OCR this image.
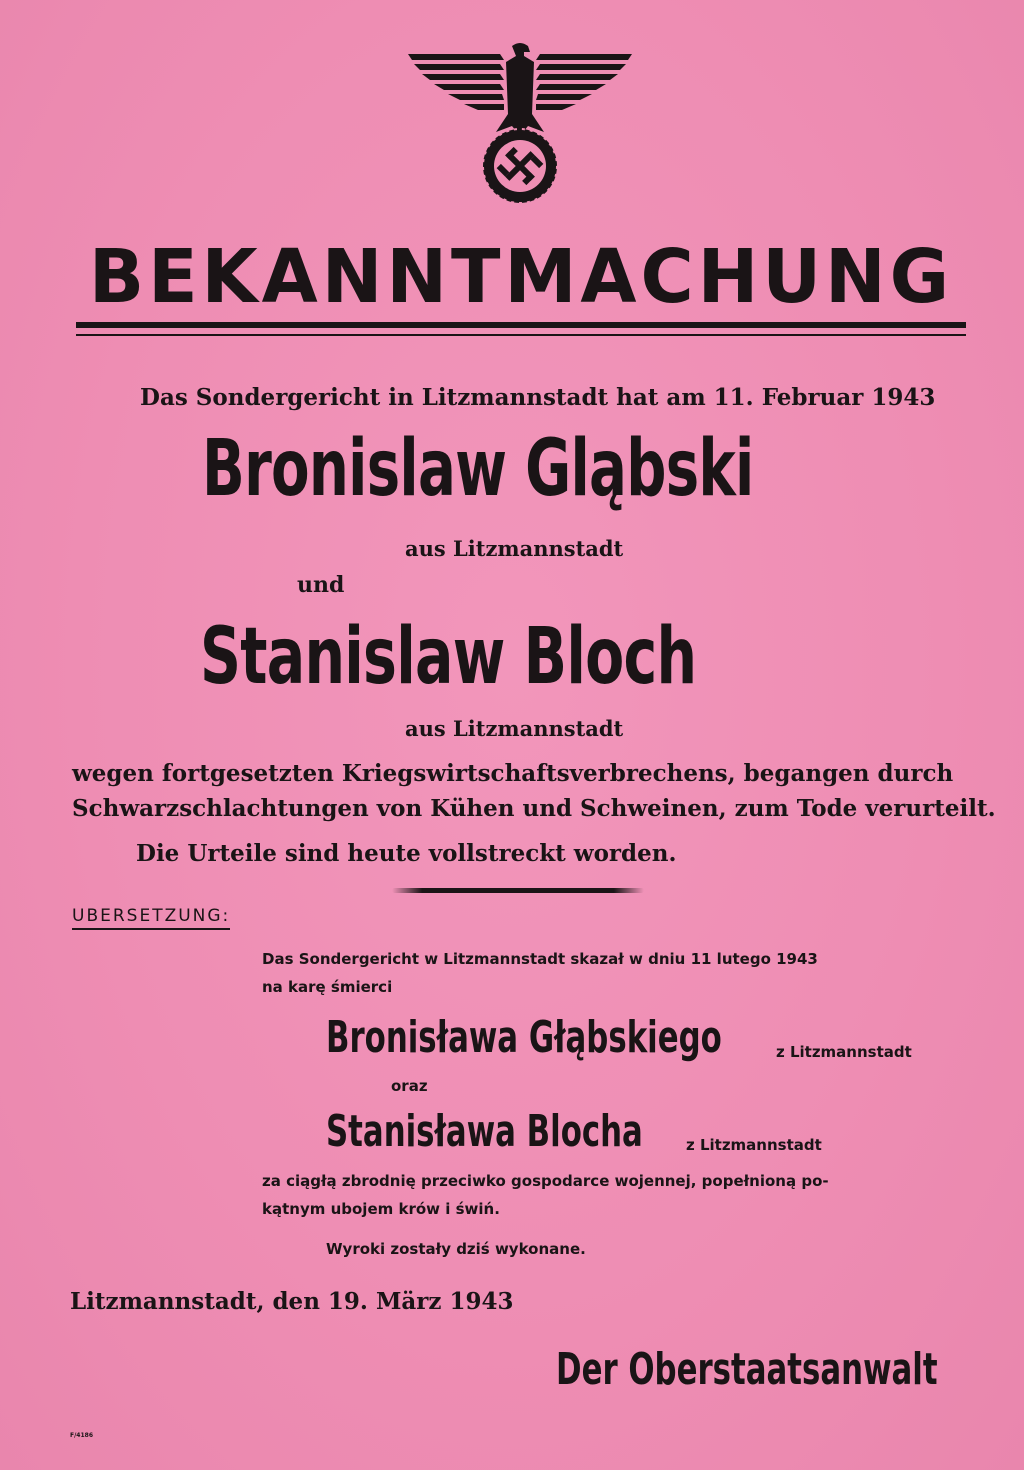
BEKANNTMACHUNG
Das Sondergericht in Litzmannstadt hat am 11. Februar 1943
Bronislaw Gląbski
aus Litzmannstadt
und
Stanislaw Bloch
aus Litzmannstadt
wegen fortgesetzten Kriegswirtschaftsverbrechens, begangen durch
Schwarzschlachtungen von Kühen und Schweinen, zum Tode verurteilt.
Die Urteile sind heute vollstreckt worden.
UBERSETZUNG:
Das Sondergericht w Litzmannstadt skazał w dniu 11 lutego 1943
na karę śmierci
Bronisława Głąbskiego	z Litzmannstadt
oraz
Stanisława Blocha	z Litzmannstadt
za ciągłą zbrodnię przeciwko gospodarce wojennej, popełnioną po-
kątnym ubojem krów i świń.
Wyroki zostały dziś wykonane.
Litzmannstadt, den 19. März 1943
Der Oberstaatsanwalt
F/4186
